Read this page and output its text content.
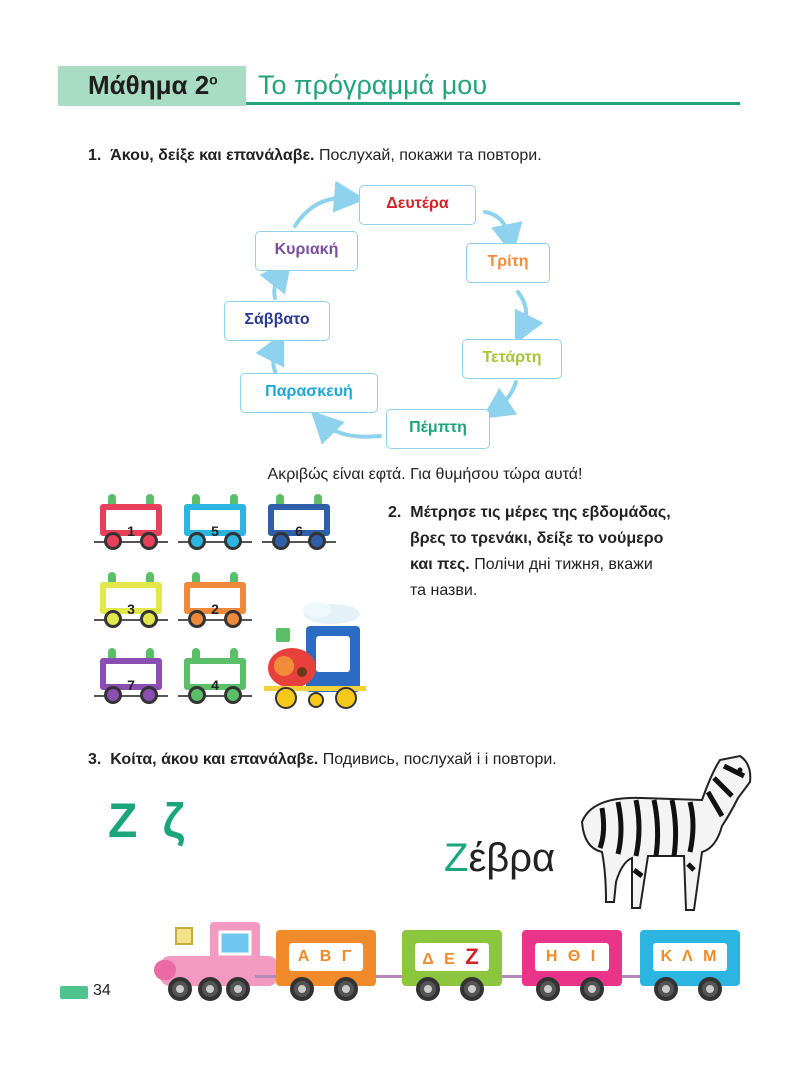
Μάθημα $2^o$ Το πρόγραμμά μου
1. Άκου, δείξε και επανάλαβε. Послухай, покажи та повтори.
Δευτέρα
Τρίτη
Τετάρτη
Πέμπτη
Παρασκευή
Σάββατο
Κυριακή
Ακριβώς είναι εφτά. Για θυμήσου τώρα αυτά!
1	5	6
3	2
7	4
2. Μέτρησε τις μέρες της εβδομάδας,
βρες το τρενάκι, δείξε το νούμερο
και πες. Полічи дні тижня, вкажи
та назви.
3. Κοίτα, άκου και επανάλαβε. Подивись, послухай і і повтори.
Ζ ζ
Ζέβρα
Α Β Γ	Δ Ε Ζ	Η Θ Ι	Κ Λ Μ
34
